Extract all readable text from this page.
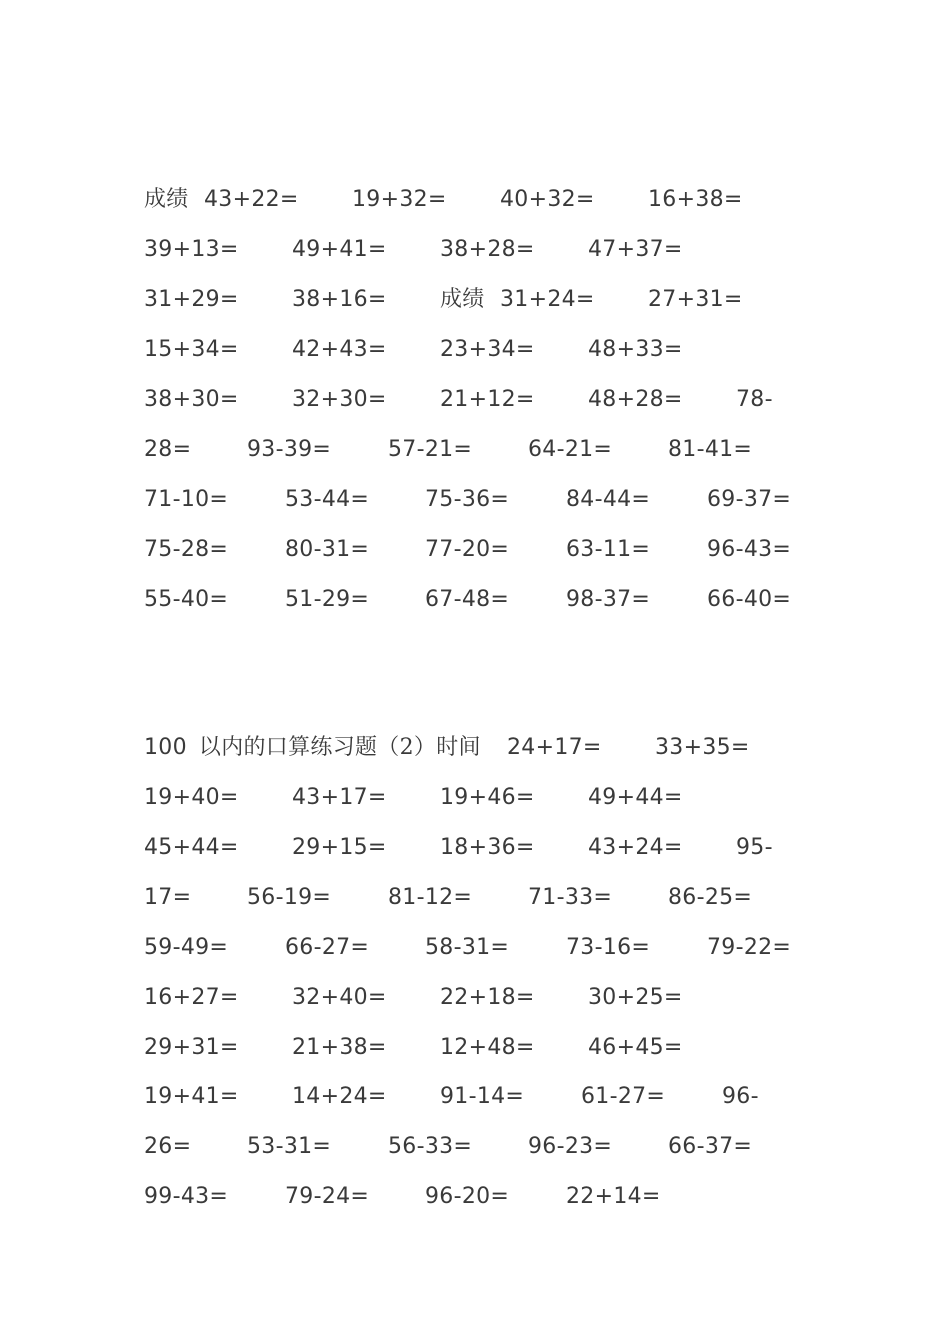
成绩 43+22= 19+32= 40+32= 16+38=
39+13= 49+41= 38+28= 47+37=
31+29= 38+16= 成绩 31+24= 27+31=
15+34= 42+43= 23+34= 48+33=
38+30= 32+30= 21+12= 48+28= 78-
28=	93-39=	57-21=	64-21=	81-41=
71-10=	53-44=	75-36=	84-44=	69-37=
75-28=	80-31=	77-20=	63-11=	96-43=
55-40=	51-29=	67-48=	98-37=	66-40=
100 以内的口算练习题（2）时间 24+17= 33+35=
19+40= 43+17= 19+46= 49+44=
45+44= 29+15= 18+36= 43+24= 95-
17=	56-19=	81-12=	71-33=	86-25=
59-49=	66-27=	58-31=	73-16=	79-22=
16+27= 32+40= 22+18= 30+25=
29+31= 21+38= 12+48= 46+45=
19+41= 14+24= 91-14=	61-27=	96-
26=	53-31=	56-33=	96-23=	66-37=
99-43=	79-24=	96-20=	22+14=
